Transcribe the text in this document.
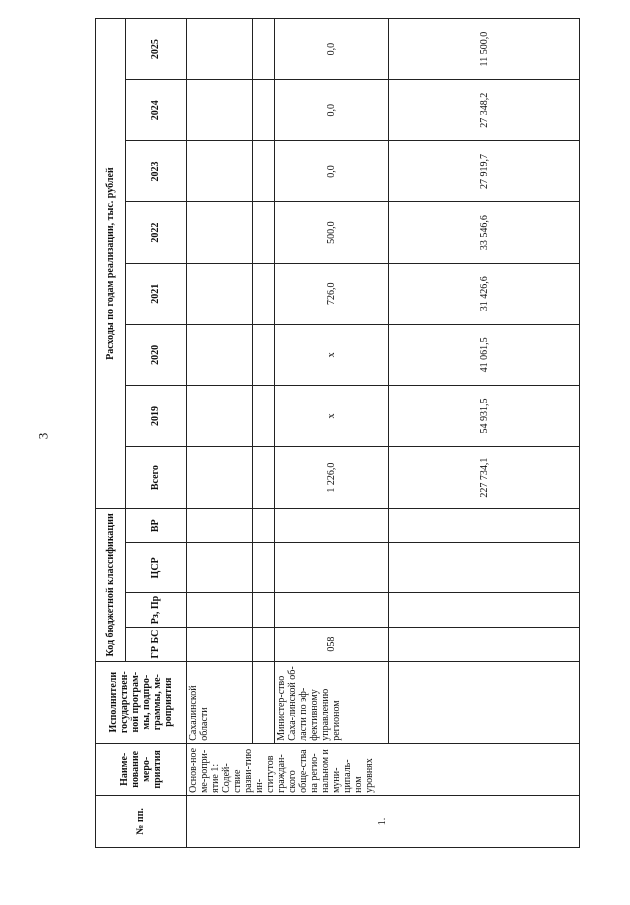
3
№ пп.	Наиме-нование меро-приятия	Исполнители государствен-ной програм-мы, подпро-граммы, ме-роприятия	Код бюджетной классификации				Расходы по годам реализации, тыс. рублей							
			ГР БС	Рз, Пр	ЦСР	ВР	Всего	2019	2020	2021	2022	2023	2024	2025
1.	Основ-ное ме-ропри-ятие 1: Содей-ствие разви-тию ин-ститутов граждан-ского обще-ства на регио-нальном и муни-ципаль-ном уровнях	Сахалинской области												

		Министер-ство Саха-линской об-ласти по эф-фективному управлению регионом	058				1 226,0	x	x	726,0	500,0	0,0	0,0	0,0
							227 734,1	54 931,5	41 061,5	31 426,6	33 546,6	27 919,7	27 348,2	11 500,0
